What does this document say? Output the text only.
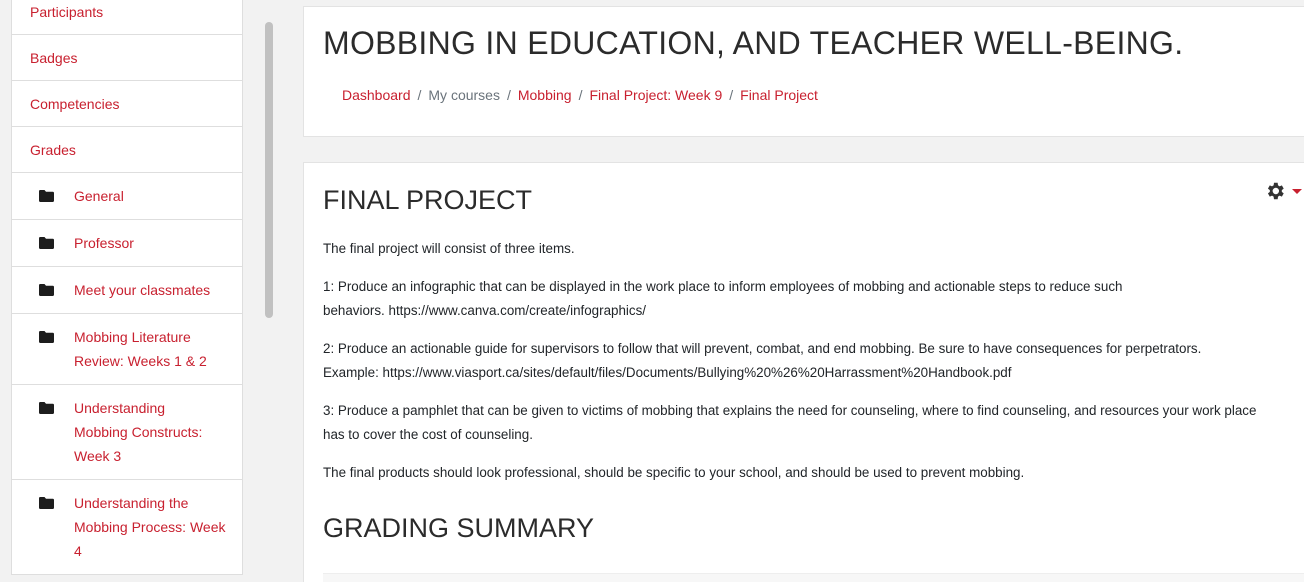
Participants
Badges
Competencies
Grades
General
Professor
Meet your classmates
Mobbing Literature
Review: Weeks 1 & 2
Understanding
Mobbing Constructs:
Week 3
Understanding the
Mobbing Process: Week
4
MOBBING IN EDUCATION, AND TEACHER WELL-BEING.
Dashboard / My courses / Mobbing / Final Project: Week 9 / Final Project
FINAL PROJECT

The final project will consist of three items.

1: Produce an infographic that can be displayed in the work place to inform employees of mobbing and actionable steps to reduce such
behaviors. https://www.canva.com/create/infographics/

2: Produce an actionable guide for supervisors to follow that will prevent, combat, and end mobbing. Be sure to have consequences for perpetrators.
Example: https://www.viasport.ca/sites/default/files/Documents/Bullying%20%26%20Harrassment%20Handbook.pdf

3: Produce a pamphlet that can be given to victims of mobbing that explains the need for counseling, where to find counseling, and resources your work place
has to cover the cost of counseling.

The final products should look professional, should be specific to your school, and should be used to prevent mobbing.

GRADING SUMMARY
